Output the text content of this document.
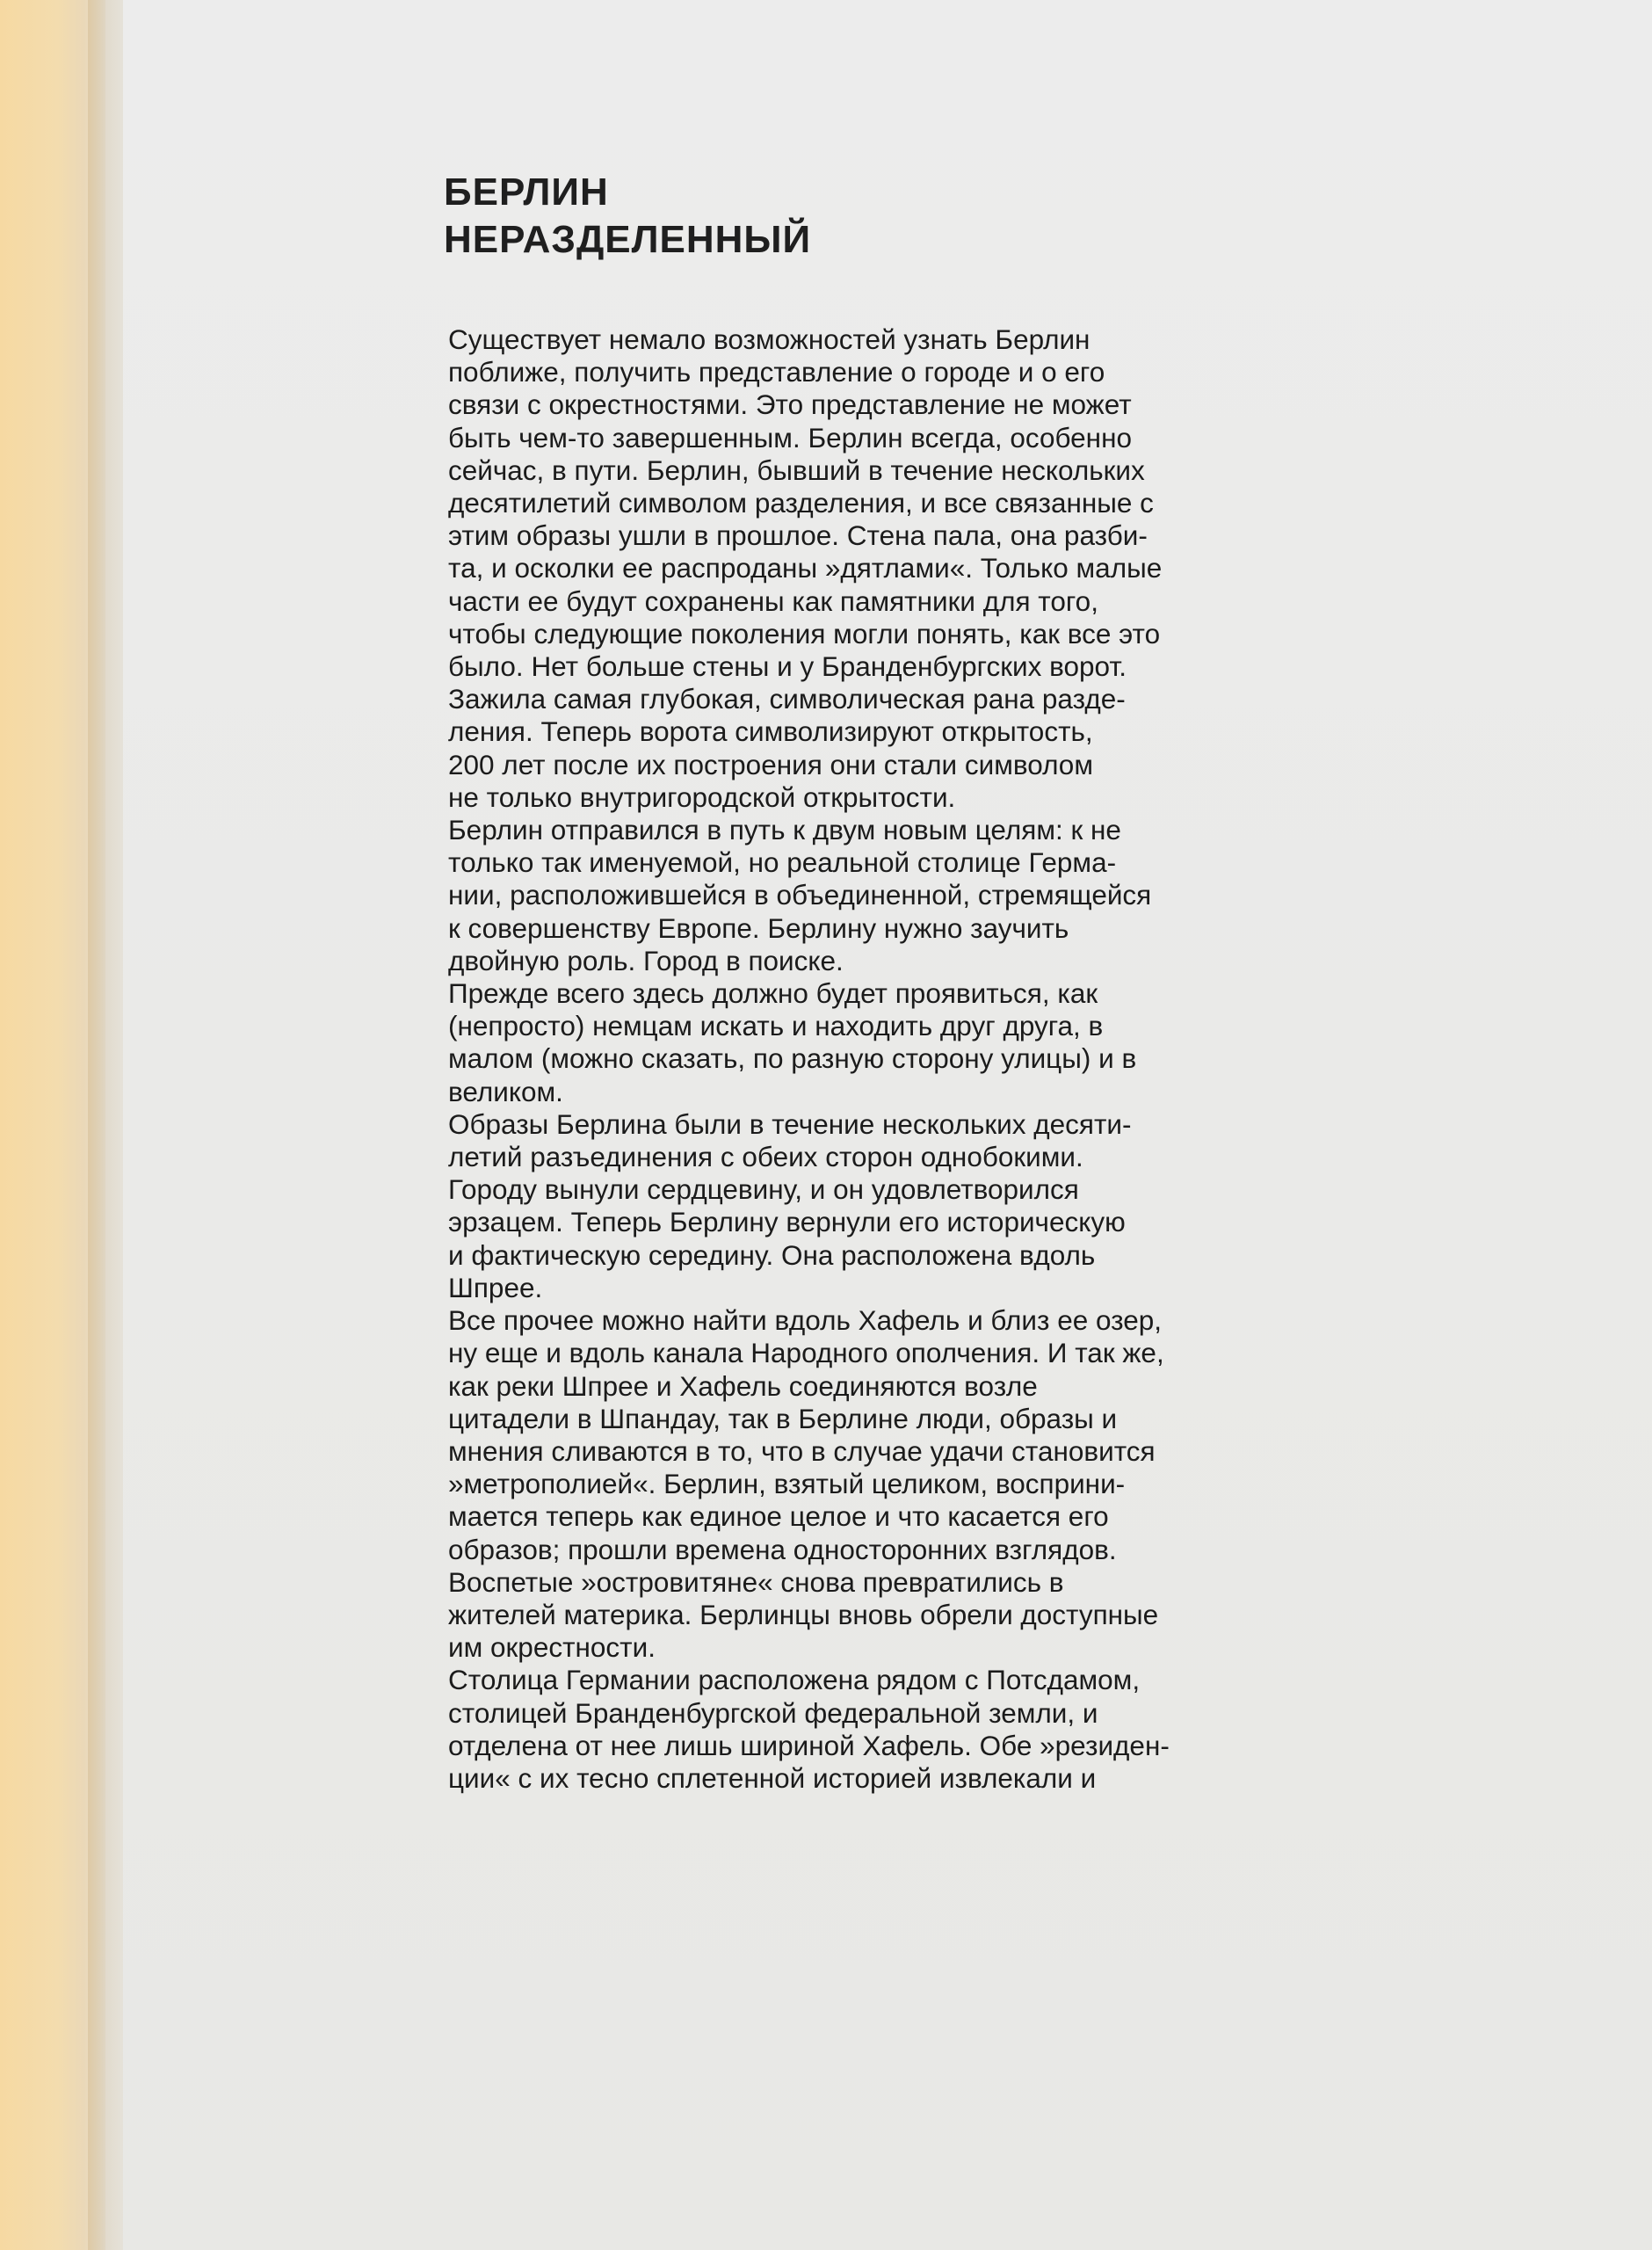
БЕРЛИН
НЕРАЗДЕЛЕННЫЙ
Существует немало возможностей узнать Берлин
поближе, получить представление о городе и о его
связи с окрестностями. Это представление не может
быть чем-то завершенным. Берлин всегда, особенно
сейчас, в пути. Берлин, бывший в течение нескольких
десятилетий символом разделения, и все связанные с
этим образы ушли в прошлое. Стена пала, она разби-
та, и осколки ее распроданы »дятлами«. Только малые
части ее будут сохранены как памятники для того,
чтобы следующие поколения могли понять, как все это
было. Нет больше стены и у Бранденбургских ворот.
Зажила самая глубокая, символическая рана разде-
ления. Теперь ворота символизируют открытость,
200 лет после их построения они стали символом
не только внутригородской открытости.
Берлин отправился в путь к двум новым целям: к не
только так именуемой, но реальной столице Герма-
нии, расположившейся в объединенной, стремящейся
к совершенству Европе. Берлину нужно заучить
двойную роль. Город в поиске.
Прежде всего здесь должно будет проявиться, как
(непросто) немцам искать и находить друг друга, в
малом (можно сказать, по разную сторону улицы) и в
великом.
Образы Берлина были в течение нескольких десяти-
летий разъединения с обеих сторон однобокими.
Городу вынули сердцевину, и он удовлетворился
эрзацем. Теперь Берлину вернули его историческую
и фактическую середину. Она расположена вдоль
Шпрее.
Все прочее можно найти вдоль Хафель и близ ее озер,
ну еще и вдоль канала Народного ополчения. И так же,
как реки Шпрее и Хафель соединяются возле
цитадели в Шпандау, так в Берлине люди, образы и
мнения сливаются в то, что в случае удачи становится
»метрополией«. Берлин, взятый целиком, восприни-
мается теперь как единое целое и что касается его
образов; прошли времена односторонних взглядов.
Воспетые »островитяне« снова превратились в
жителей материка. Берлинцы вновь обрели доступные
им окрестности.
Столица Германии расположена рядом с Потсдамом,
столицей Бранденбургской федеральной земли, и
отделена от нее лишь шириной Хафель. Обе »резиден-
ции« с их тесно сплетенной историей извлекали и
